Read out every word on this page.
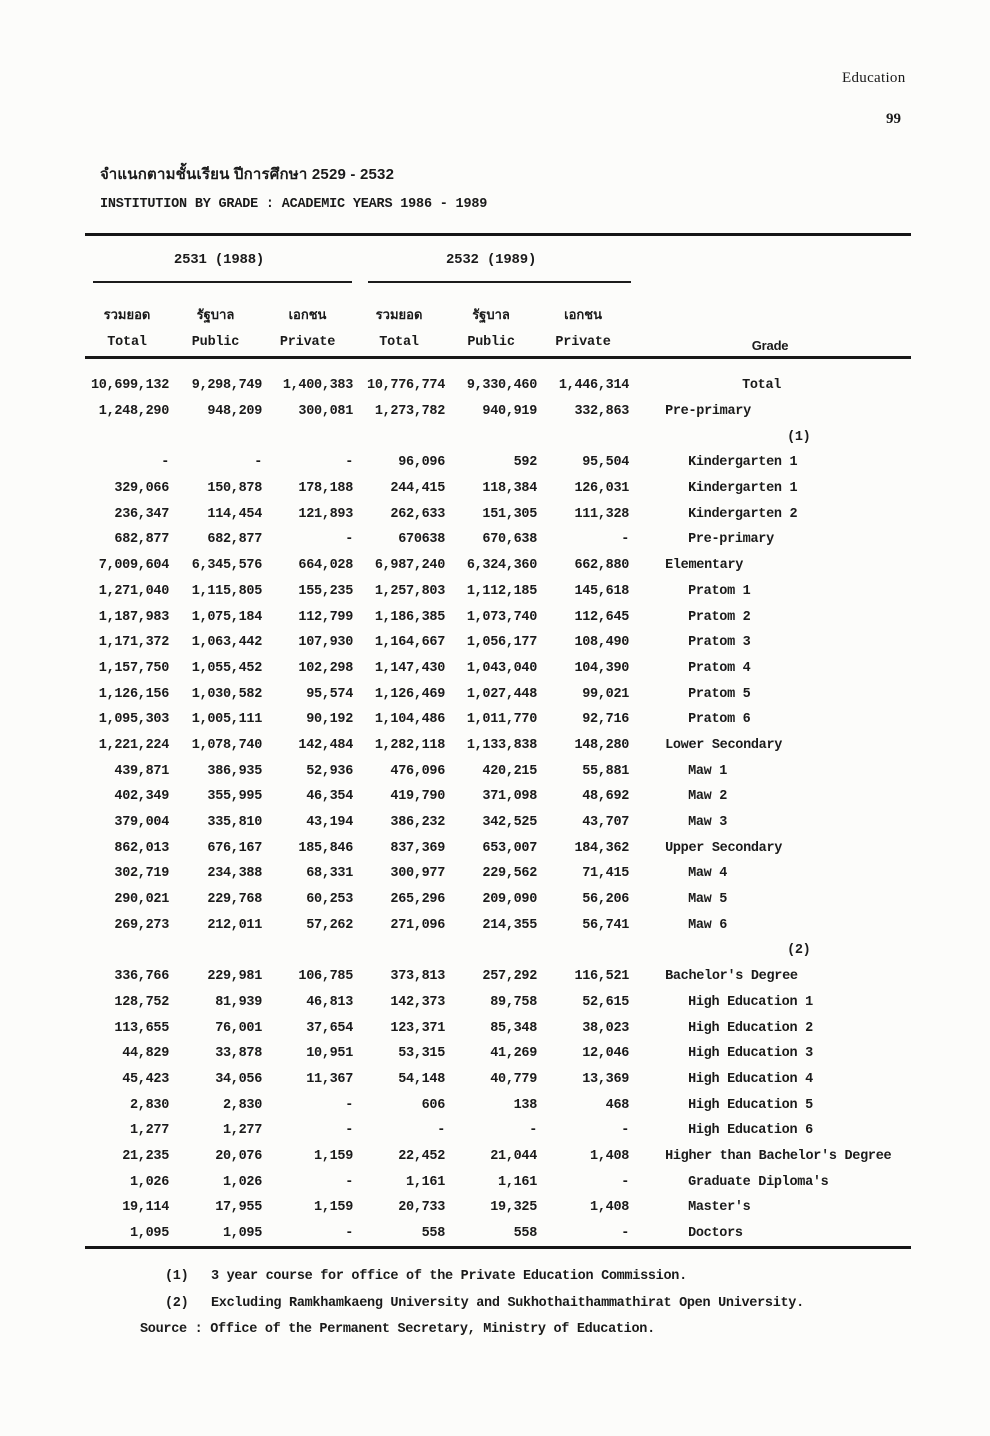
Education
99
จำแนกตามชั้นเรียน ปีการศึกษา 2529 - 2532
INSTITUTION BY GRADE : ACADEMIC YEARS 1986 - 1989
2531 (1988)			2532 (1989)			
รวมยอด	รัฐบาล	เอกชน	รวมยอด	รัฐบาล	เอกชน	Grade
Total	Public	Private	Total	Public	Private	
10,699,132	9,298,749	1,400,383	10,776,774	9,330,460	1,446,314	Total
1,248,290	948,209	300,081	1,273,782	940,919	332,863	Pre-primary
						(1)
-	-	-	96,096	592	95,504	Kindergarten 1
329,066	150,878	178,188	244,415	118,384	126,031	Kindergarten 1
236,347	114,454	121,893	262,633	151,305	111,328	Kindergarten 2
682,877	682,877	-	670638	670,638	-	Pre-primary
7,009,604	6,345,576	664,028	6,987,240	6,324,360	662,880	Elementary
1,271,040	1,115,805	155,235	1,257,803	1,112,185	145,618	Pratom 1
1,187,983	1,075,184	112,799	1,186,385	1,073,740	112,645	Pratom 2
1,171,372	1,063,442	107,930	1,164,667	1,056,177	108,490	Pratom 3
1,157,750	1,055,452	102,298	1,147,430	1,043,040	104,390	Pratom 4
1,126,156	1,030,582	95,574	1,126,469	1,027,448	99,021	Pratom 5
1,095,303	1,005,111	90,192	1,104,486	1,011,770	92,716	Pratom 6
1,221,224	1,078,740	142,484	1,282,118	1,133,838	148,280	Lower Secondary
439,871	386,935	52,936	476,096	420,215	55,881	Maw 1
402,349	355,995	46,354	419,790	371,098	48,692	Maw 2
379,004	335,810	43,194	386,232	342,525	43,707	Maw 3
862,013	676,167	185,846	837,369	653,007	184,362	Upper Secondary
302,719	234,388	68,331	300,977	229,562	71,415	Maw 4
290,021	229,768	60,253	265,296	209,090	56,206	Maw 5
269,273	212,011	57,262	271,096	214,355	56,741	Maw 6
						(2)
336,766	229,981	106,785	373,813	257,292	116,521	Bachelor's Degree
128,752	81,939	46,813	142,373	89,758	52,615	High Education 1
113,655	76,001	37,654	123,371	85,348	38,023	High Education 2
44,829	33,878	10,951	53,315	41,269	12,046	High Education 3
45,423	34,056	11,367	54,148	40,779	13,369	High Education 4
2,830	2,830	-	606	138	468	High Education 5
1,277	1,277	-	-	-	-	High Education 6
21,235	20,076	1,159	22,452	21,044	1,408	Higher than Bachelor's Degree
1,026	1,026	-	1,161	1,161	-	Graduate Diploma's
19,114	17,955	1,159	20,733	19,325	1,408	Master's
1,095	1,095	-	558	558	-	Doctors
(1) 3 year course for office of the Private Education Commission.
(2) Excluding Ramkhamkaeng University and Sukhothaithammathirat Open University.
Source : Office of the Permanent Secretary, Ministry of Education.
